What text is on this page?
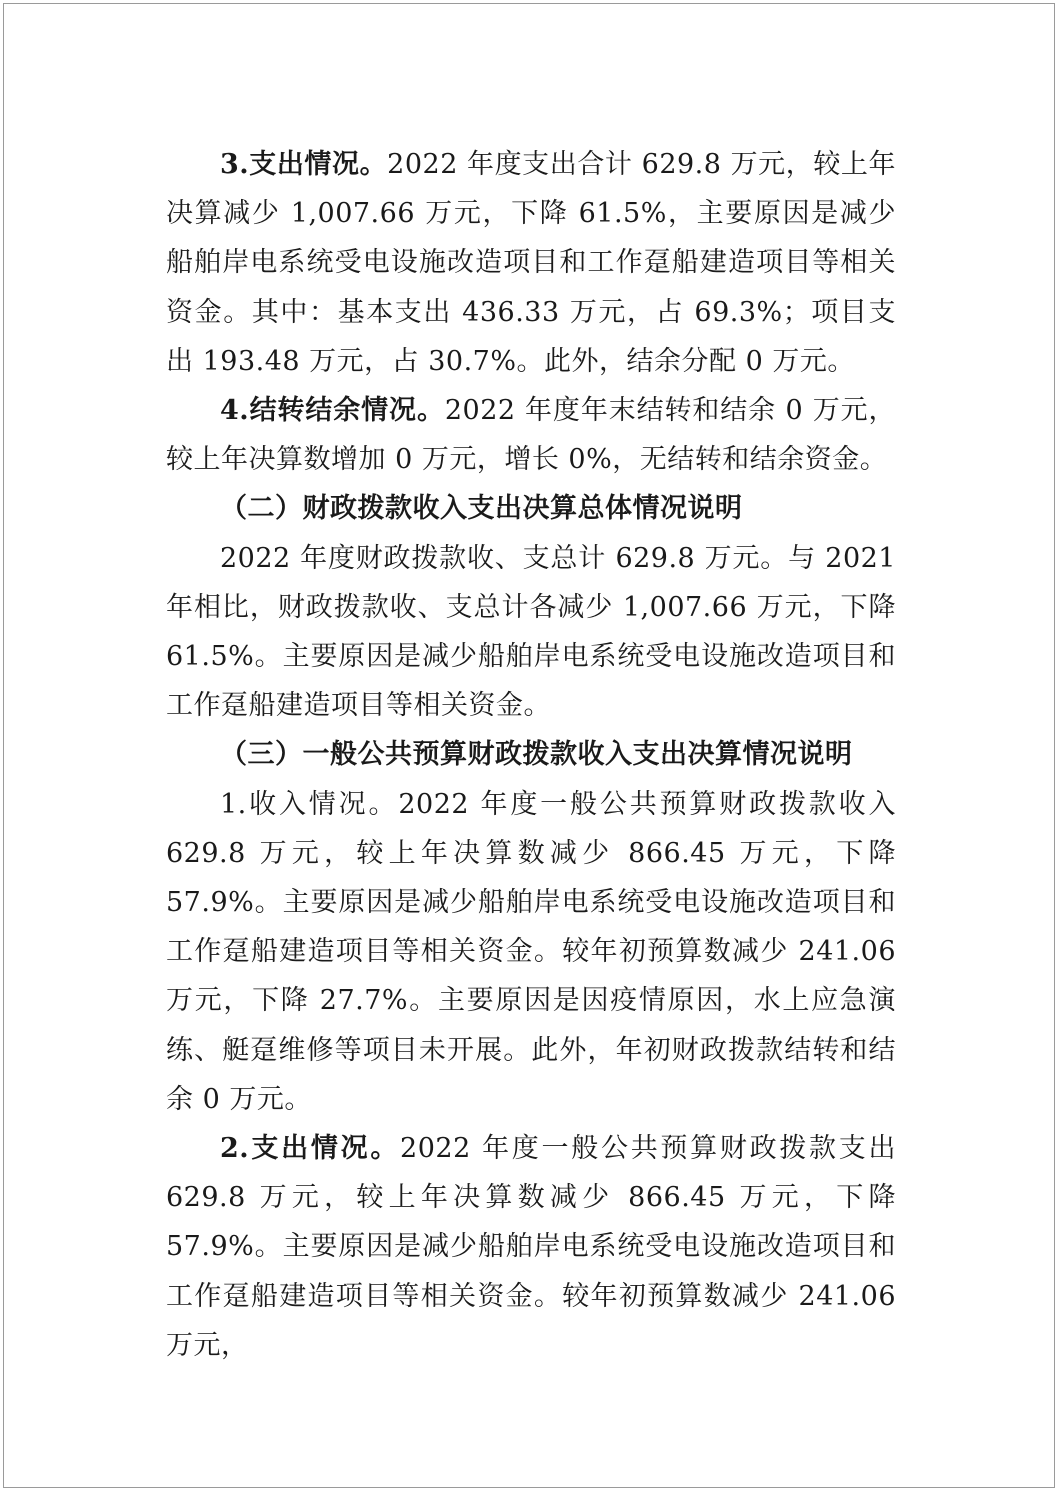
3.支出情况。2022 年度支出合计 629.8 万元，较上年决算减少 1,007.66 万元，下降 61.5%，主要原因是减少船舶岸电系统受电设施改造项目和工作趸船建造项目等相关资金。其中：基本支出 436.33 万元，占 69.3%；项目支出 193.48 万元，占 30.7%。此外，结余分配 0 万元。

4.结转结余情况。2022 年度年末结转和结余 0 万元，较上年决算数增加 0 万元，增长 0%，无结转和结余资金。

（二）财政拨款收入支出决算总体情况说明

2022 年度财政拨款收、支总计 629.8 万元。与 2021 年相比，财政拨款收、支总计各减少 1,007.66 万元，下降 61.5%。主要原因是减少船舶岸电系统受电设施改造项目和工作趸船建造项目等相关资金。

（三）一般公共预算财政拨款收入支出决算情况说明

1.收入情况。2022 年度一般公共预算财政拨款收入 629.8 万元，较上年决算数减少 866.45 万元，下降 57.9%。主要原因是减少船舶岸电系统受电设施改造项目和工作趸船建造项目等相关资金。较年初预算数减少 241.06 万元，下降 27.7%。主要原因是因疫情原因，水上应急演练、艇趸维修等项目未开展。此外，年初财政拨款结转和结余 0 万元。

2.支出情况。2022 年度一般公共预算财政拨款支出 629.8 万元，较上年决算数减少 866.45 万元，下降 57.9%。主要原因是减少船舶岸电系统受电设施改造项目和工作趸船建造项目等相关资金。较年初预算数减少 241.06 万元，
